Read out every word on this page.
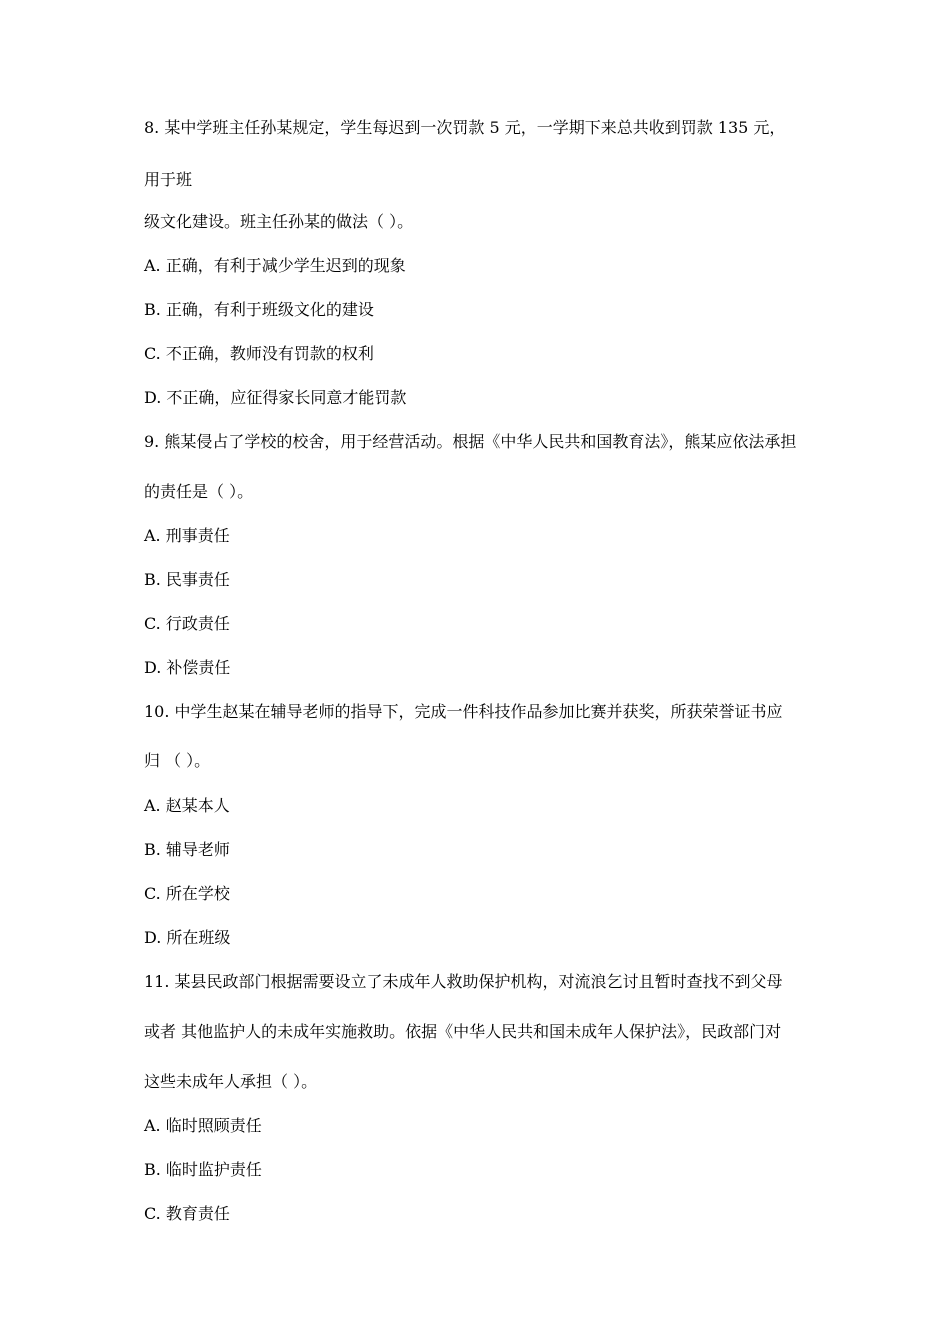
8. 某中学班主任孙某规定，学生每迟到一次罚款 5 元，一学期下来总共收到罚款 135 元，
用于班
级文化建设。班主任孙某的做法（ ）。
A. 正确，有利于减少学生迟到的现象
B. 正确，有利于班级文化的建设
C. 不正确，教师没有罚款的权利
D. 不正确，应征得家长同意才能罚款
9. 熊某侵占了学校的校舍，用于经营活动。根据《中华人民共和国教育法》，熊某应依法承担
的责任是（ ）。
A. 刑事责任
B. 民事责任
C. 行政责任
D. 补偿责任
10. 中学生赵某在辅导老师的指导下，完成一件科技作品参加比赛并获奖，所获荣誉证书应
归 （ ）。
A. 赵某本人
B. 辅导老师
C. 所在学校
D. 所在班级
11. 某县民政部门根据需要设立了未成年人救助保护机构，对流浪乞讨且暂时查找不到父母
或者 其他监护人的未成年实施救助。依据《中华人民共和国未成年人保护法》，民政部门对
这些未成年人承担（ ）。
A. 临时照顾责任
B. 临时监护责任
C. 教育责任
